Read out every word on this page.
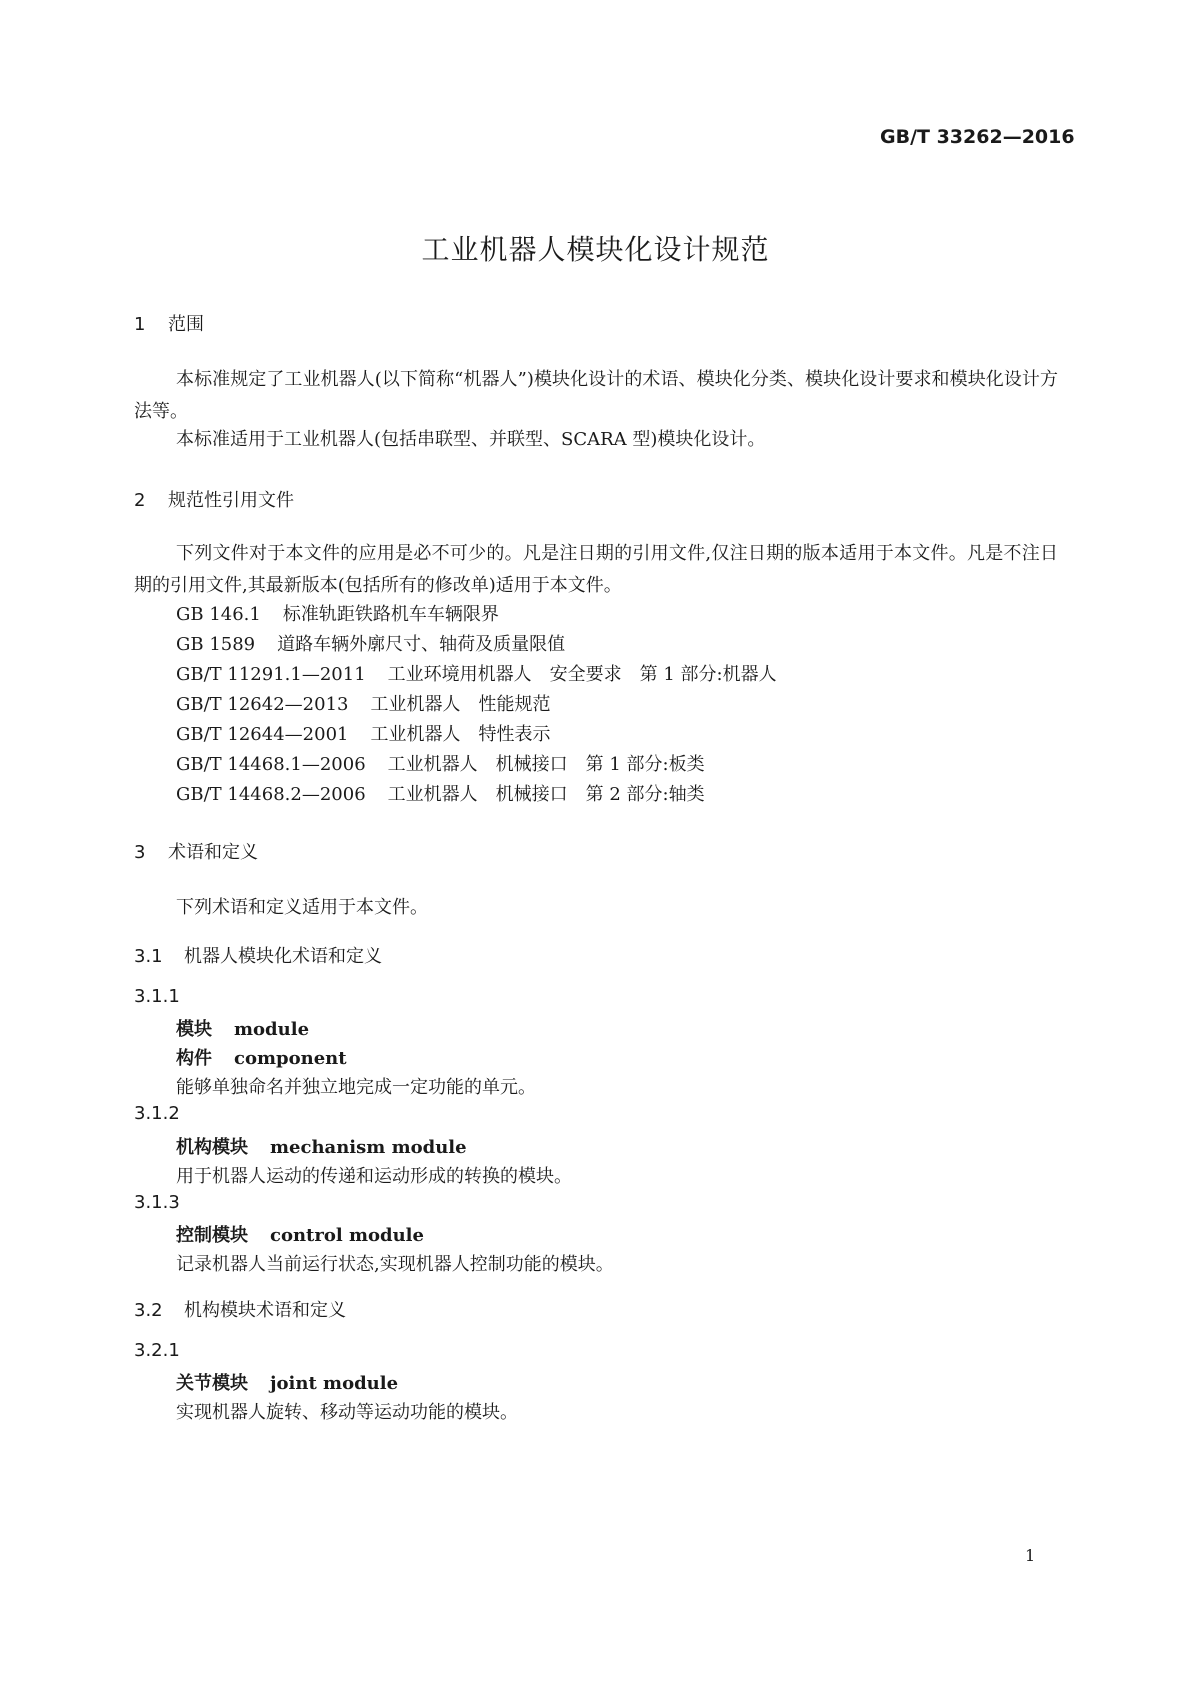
GB/T 33262—2016
工业机器人模块化设计规范
1 范围
本标准规定了工业机器人(以下简称“机器人”)模块化设计的术语、模块化分类、模块化设计要求和模块化设计方法等。
本标准适用于工业机器人(包括串联型、并联型、SCARA 型)模块化设计。
2 规范性引用文件
下列文件对于本文件的应用是必不可少的。凡是注日期的引用文件,仅注日期的版本适用于本文件。凡是不注日期的引用文件,其最新版本(包括所有的修改单)适用于本文件。
GB 146.1 标准轨距铁路机车车辆限界
GB 1589 道路车辆外廓尺寸、轴荷及质量限值
GB/T 11291.1—2011 工业环境用机器人　安全要求　第 1 部分:机器人
GB/T 12642—2013 工业机器人　性能规范
GB/T 12644—2001 工业机器人　特性表示
GB/T 14468.1—2006 工业机器人　机械接口　第 1 部分:板类
GB/T 14468.2—2006 工业机器人　机械接口　第 2 部分:轴类
3 术语和定义
下列术语和定义适用于本文件。
3.1 机器人模块化术语和定义
3.1.1
模块 module
构件 component
能够单独命名并独立地完成一定功能的单元。
3.1.2
机构模块 mechanism module
用于机器人运动的传递和运动形成的转换的模块。
3.1.3
控制模块 control module
记录机器人当前运行状态,实现机器人控制功能的模块。
3.2 机构模块术语和定义
3.2.1
关节模块 joint module
实现机器人旋转、移动等运动功能的模块。
1
